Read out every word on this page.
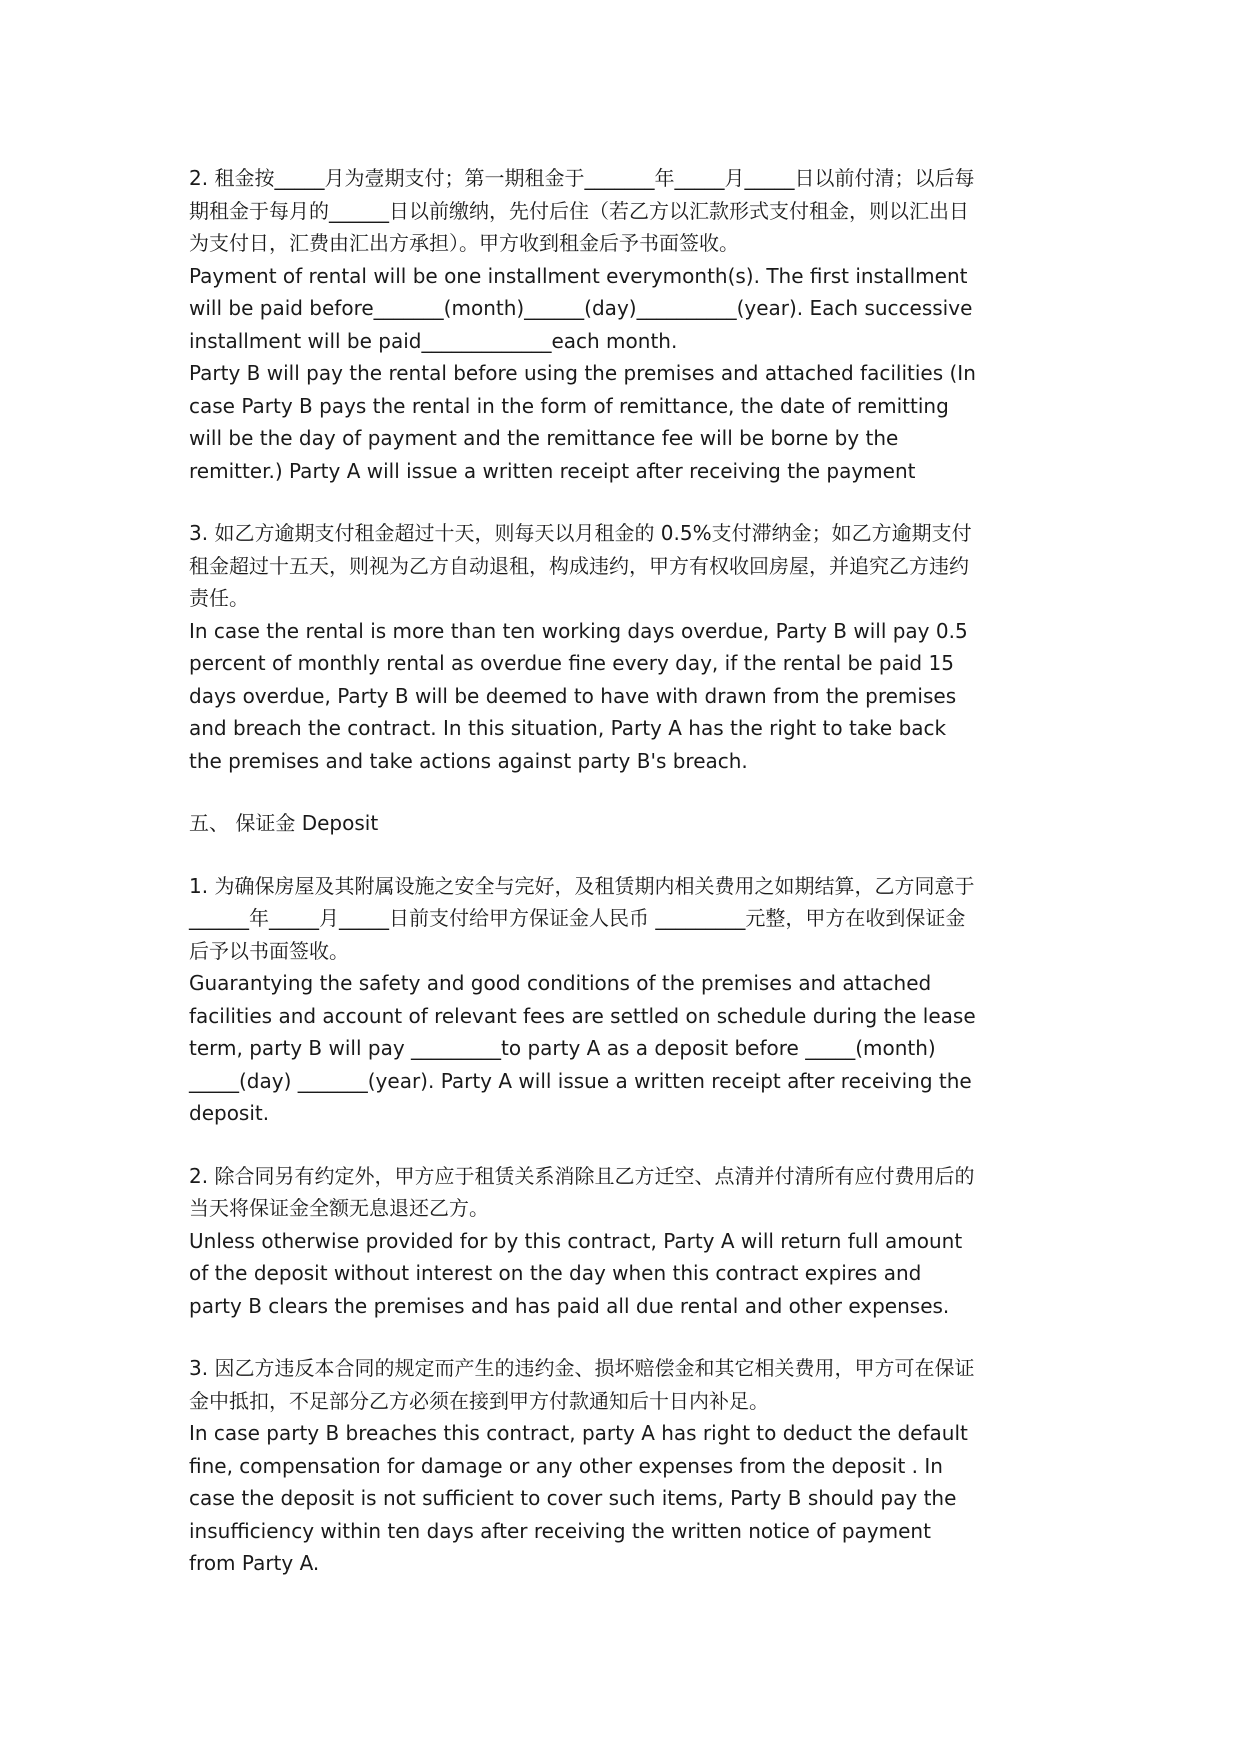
2. 租金按_____月为壹期支付；第一期租金于_______年_____月_____日以前付清；以后每

期租金于每月的______日以前缴纳，先付后住（若乙方以汇款形式支付租金，则以汇出日

为支付日，汇费由汇出方承担）。甲方收到租金后予书面签收。

Payment of rental will be one installment everymonth(s). The first installment

will be paid before_______(month)______(day)__________(year). Each successive

installment will be paid_____________each month.

Party B will pay the rental before using the premises and attached facilities (In

case Party B pays the rental in the form of remittance, the date of remitting

will be the day of payment and the remittance fee will be borne by the

remitter.) Party A will issue a written receipt after receiving the payment

3. 如乙方逾期支付租金超过十天，则每天以月租金的 0.5%支付滞纳金；如乙方逾期支付

租金超过十五天，则视为乙方自动退租，构成违约，甲方有权收回房屋，并追究乙方违约

责任。

In case the rental is more than ten working days overdue, Party B will pay 0.5

percent of monthly rental as overdue fine every day, if the rental be paid 15

days overdue, Party B will be deemed to have with drawn from the premises

and breach the contract. In this situation, Party A has the right to take back

the premises and take actions against party B's breach.

五、 保证金 Deposit

1. 为确保房屋及其附属设施之安全与完好，及租赁期内相关费用之如期结算，乙方同意于

______年_____月_____日前支付给甲方保证金人民币 _________元整，甲方在收到保证金

后予以书面签收。

Guarantying the safety and good conditions of the premises and attached

facilities and account of relevant fees are settled on schedule during the lease

term, party B will pay _________to party A as a deposit before _____(month)

_____(day) _______(year). Party A will issue a written receipt after receiving the

deposit.

2. 除合同另有约定外，甲方应于租赁关系消除且乙方迁空、点清并付清所有应付费用后的

当天将保证金全额无息退还乙方。

Unless otherwise provided for by this contract, Party A will return full amount

of the deposit without interest on the day when this contract expires and

party B clears the premises and has paid all due rental and other expenses.

3. 因乙方违反本合同的规定而产生的违约金、损坏赔偿金和其它相关费用，甲方可在保证

金中抵扣，不足部分乙方必须在接到甲方付款通知后十日内补足。

In case party B breaches this contract, party A has right to deduct the default

fine, compensation for damage or any other expenses from the deposit . In

case the deposit is not sufficient to cover such items, Party B should pay the

insufficiency within ten days after receiving the written notice of payment

from Party A.
